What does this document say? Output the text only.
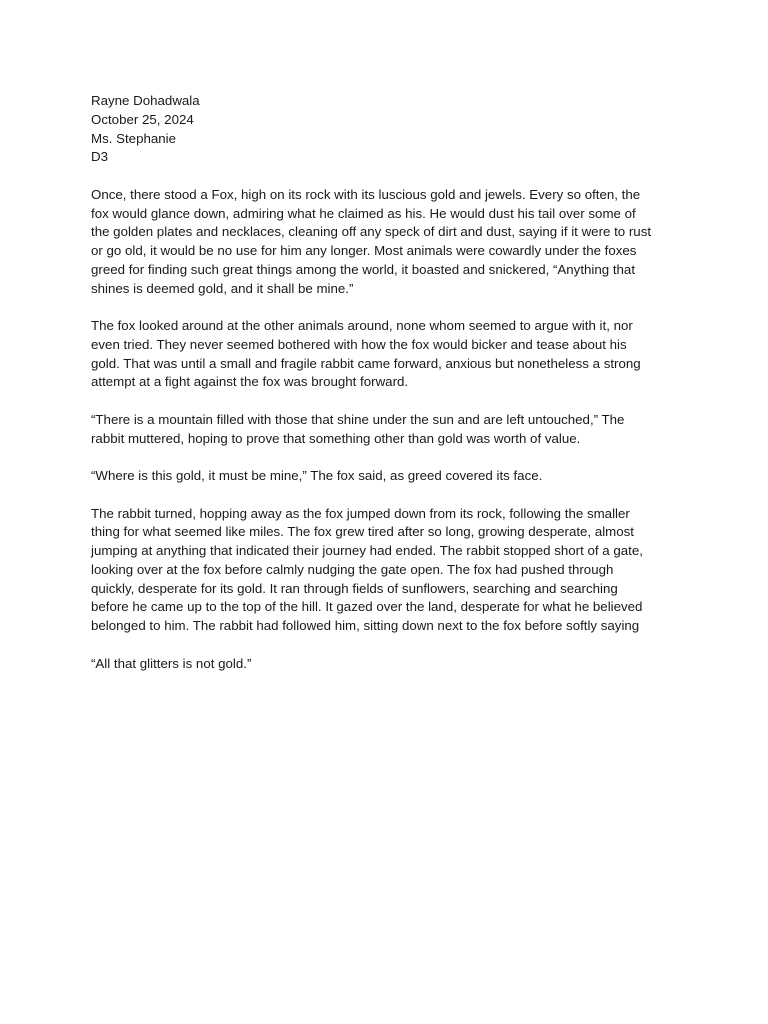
Rayne Dohadwala
October 25, 2024
Ms. Stephanie
D3
Once, there stood a Fox, high on its rock with its luscious gold and jewels. Every so often, the
fox would glance down, admiring what he claimed as his. He would dust his tail over some of
the golden plates and necklaces, cleaning off any speck of dirt and dust, saying if it were to rust
or go old, it would be no use for him any longer. Most animals were cowardly under the foxes
greed for finding such great things among the world, it boasted and snickered, “Anything that
shines is deemed gold, and it shall be mine.”
The fox looked around at the other animals around, none whom seemed to argue with it, nor
even tried. They never seemed bothered with how the fox would bicker and tease about his
gold. That was until a small and fragile rabbit came forward, anxious but nonetheless a strong
attempt at a fight against the fox was brought forward.
“There is a mountain filled with those that shine under the sun and are left untouched,” The
rabbit muttered, hoping to prove that something other than gold was worth of value.
“Where is this gold, it must be mine,” The fox said, as greed covered its face.
The rabbit turned, hopping away as the fox jumped down from its rock, following the smaller
thing for what seemed like miles. The fox grew tired after so long, growing desperate, almost
jumping at anything that indicated their journey had ended. The rabbit stopped short of a gate,
looking over at the fox before calmly nudging the gate open. The fox had pushed through
quickly, desperate for its gold. It ran through fields of sunflowers, searching and searching
before he came up to the top of the hill. It gazed over the land, desperate for what he believed
belonged to him. The rabbit had followed him, sitting down next to the fox before softly saying
“All that glitters is not gold.”
